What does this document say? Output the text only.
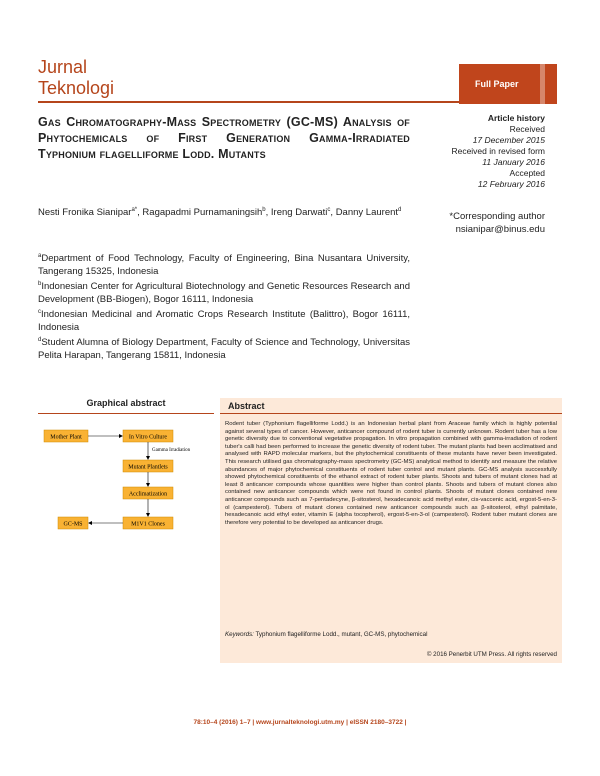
Jurnal
Teknologi	Full Paper
Gas Chromatography-Mass Spectrometry (GC-MS) Analysis of Phytochemicals of First Generation Gamma-Irradiated Typhonium flagelliforme Lodd. Mutants
Nesti Fronika Sianipar$^{a*}$, Ragapadmi Purnamaningsih$^b$, Ireng Darwati$^c$, Danny Laurent$^d$

$^a$Department of Food Technology, Faculty of Engineering, Bina Nusantara University, Tangerang 15325, Indonesia

$^b$Indonesian Center for Agricultural Biotechnology and Genetic Resources Research and Development (BB-Biogen), Bogor 16111, Indonesia

$^c$Indonesian Medicinal and Aromatic Crops Research Institute (Balittro), Bogor 16111, Indonesia

$^d$Student Alumna of Biology Department, Faculty of Science and Technology, Universitas Pelita Harapan, Tangerang 15811, Indonesia

Article history
Received
17 December 2015
Received in revised form
11 January 2016
Accepted
12 February 2016
*Corresponding author
nsianipar@binus.edu
Graphical abstract
Mother Plant	In Vitro Culture
Gamma Irradiation
Mutant Plantlets
Acclimatization
M1V1 Clones
GC-MS
Abstract
Rodent tuber (Typhonium flagelliforme Lodd.) is an Indonesian herbal plant from Araceae family which is highly potential against several types of cancer. However, anticancer compound of rodent tuber is currently unknown. Rodent tuber has a low genetic diversity due to conventional vegetative propagation. In vitro propagation combined with gamma-irradiation of rodent tuber's calli had been performed to increase the genetic diversity of rodent tuber. The mutant plants had been acclimatised and analysed with RAPD molecular markers, but the phytochemical constituents of these mutants have never been investigated. This research utilised gas chromatography-mass spectrometry (GC-MS) analytical method to identify and measure the relative abundances of major phytochemical constituents of rodent tuber control and mutant plants. GC-MS analysis successfully showed phytochemical constituents of the ethanol extract of rodent tuber plants. Shoots and tubers of mutant clones had at least 8 anticancer compounds whose quantities were higher than control plants. Shoots and tubers of mutant clones also contained new anticancer compounds which were not found in control plants. Shoots of mutant clones contained new anticancer compounds such as 7-pentadecyne, β-sitosterol, hexadecanoic acid methyl ester, cis-vaccenic acid, ergost-5-en-3-ol (campesterol). Tubers of mutant clones contained new anticancer compounds such as β-sitosterol, ethyl palmitate, hexadecanoic acid ethyl ester, vitamin E (alpha tocopherol), ergost-5-en-3-ol (campesterol). Rodent tuber mutant clones are therefore very potential to be developed as anticancer drugs.
Keywords: Typhonium flagelliforme Lodd., mutant, GC-MS, phytochemical
© 2016 Penerbit UTM Press. All rights reserved
78:10–4 (2016) 1–7 | www.jurnalteknologi.utm.my | eISSN 2180–3722 |
